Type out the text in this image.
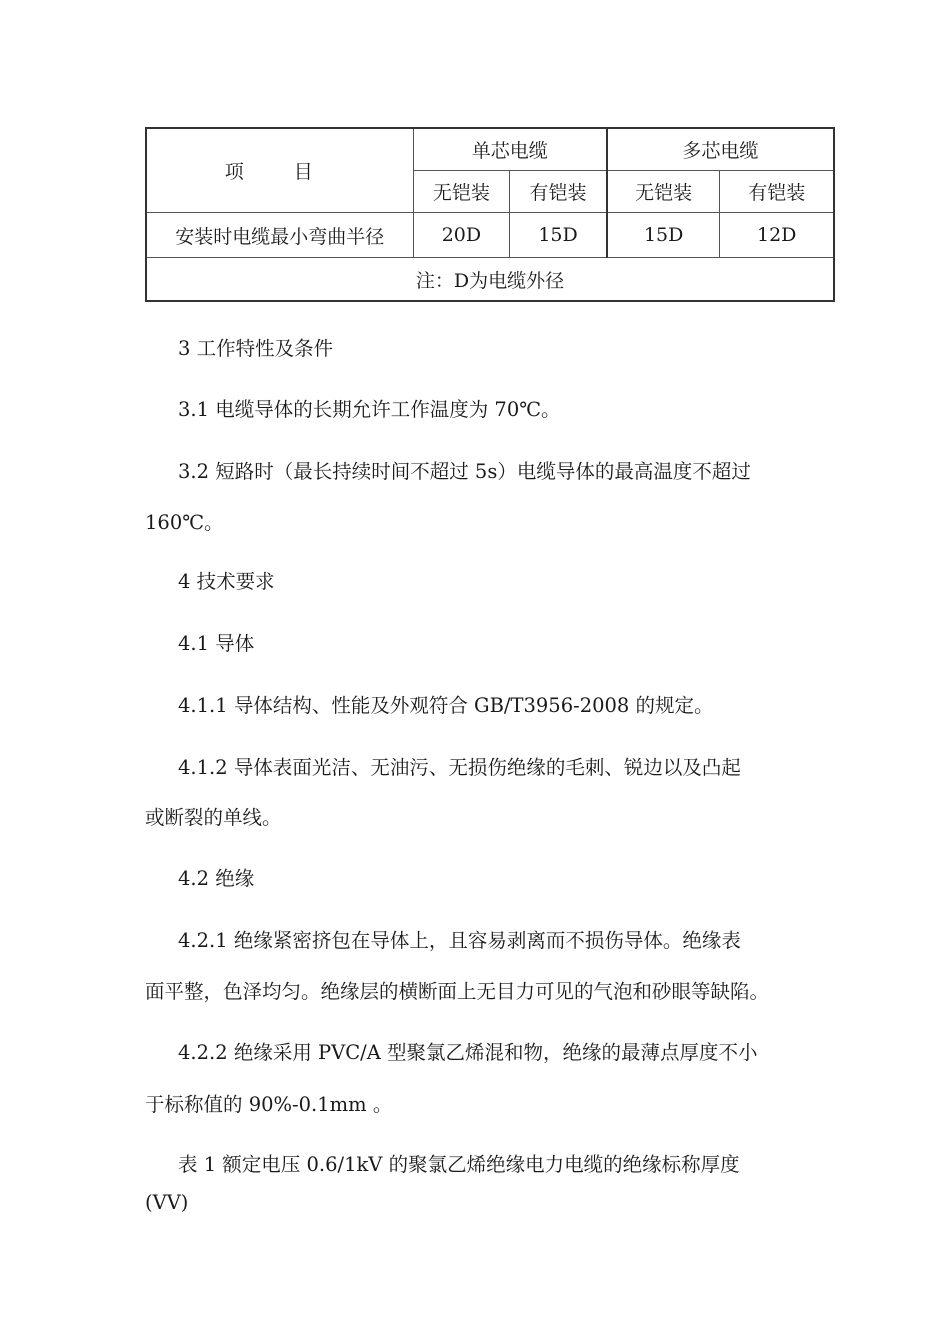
项 目	单芯电缆		多芯电缆	
	无铠装	有铠装	无铠装	有铠装
安装时电缆最小弯曲半径	20D	15D	15D	12D
注：D为电缆外径				
3 工作特性及条件
3.1 电缆导体的长期允许工作温度为 70℃。
3.2 短路时（最长持续时间不超过 5s）电缆导体的最高温度不超过
160℃。
4 技术要求
4.1 导体
4.1.1 导体结构、性能及外观符合 GB/T3956-2008 的规定。
4.1.2 导体表面光洁、无油污、无损伤绝缘的毛刺、锐边以及凸起
或断裂的单线。
4.2 绝缘
4.2.1 绝缘紧密挤包在导体上，且容易剥离而不损伤导体。绝缘表
面平整，色泽均匀。绝缘层的横断面上无目力可见的气泡和砂眼等缺陷。
4.2.2 绝缘采用 PVC/A 型聚氯乙烯混和物，绝缘的最薄点厚度不小
于标称值的 90%-0.1mm 。
表 1 额定电压 0.6/1kV 的聚氯乙烯绝缘电力电缆的绝缘标称厚度
(VV)
